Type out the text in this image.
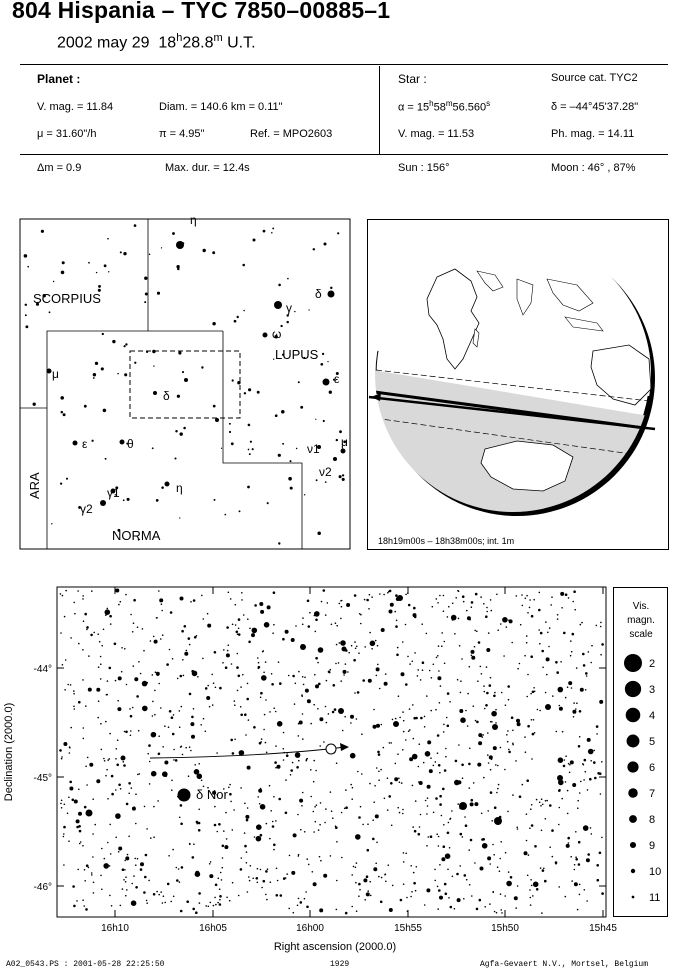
804 Hispania – TYC 7850–00885–1
2002 may 29 18$^h$28.8$^m$ U.T.
Planet :
V. mag. = 11.84	Diam. = 140.6 km = 0.11"
μ = 31.60"/h	π = 4.95"	Ref. = MPO2603
Δm = 0.9	Max. dur. = 12.4s
Star :	Source cat. TYC2
$\alpha = 15^h58^m56.560^s$	δ = –44°45'37.28"
V. mag. = 11.53	Ph. mag. = 14.11
Sun : 156°	Moon : 46° , 87%
η
γ
δ
ω
μ	ε
δ
ε	θ	ν1 μ
ν2
η
γ1
γ2
SCORPIUS
LUPUS
ARA
NORMA	18h19m00s – 18h38m00s; int. 1m
16h10	16h05	16h00	15h55	15h50	15h45
-44°
-45°
-46°
δ Nor
Right ascension (2000.0)
Declination (2000.0)
Vis.
magn.
scale
2
3
4
5
6
7
8
9
10
11
A02_0543.PS : 2001-05-28 22:25:50	1929	Agfa-Gevaert N.V., Mortsel, Belgium
